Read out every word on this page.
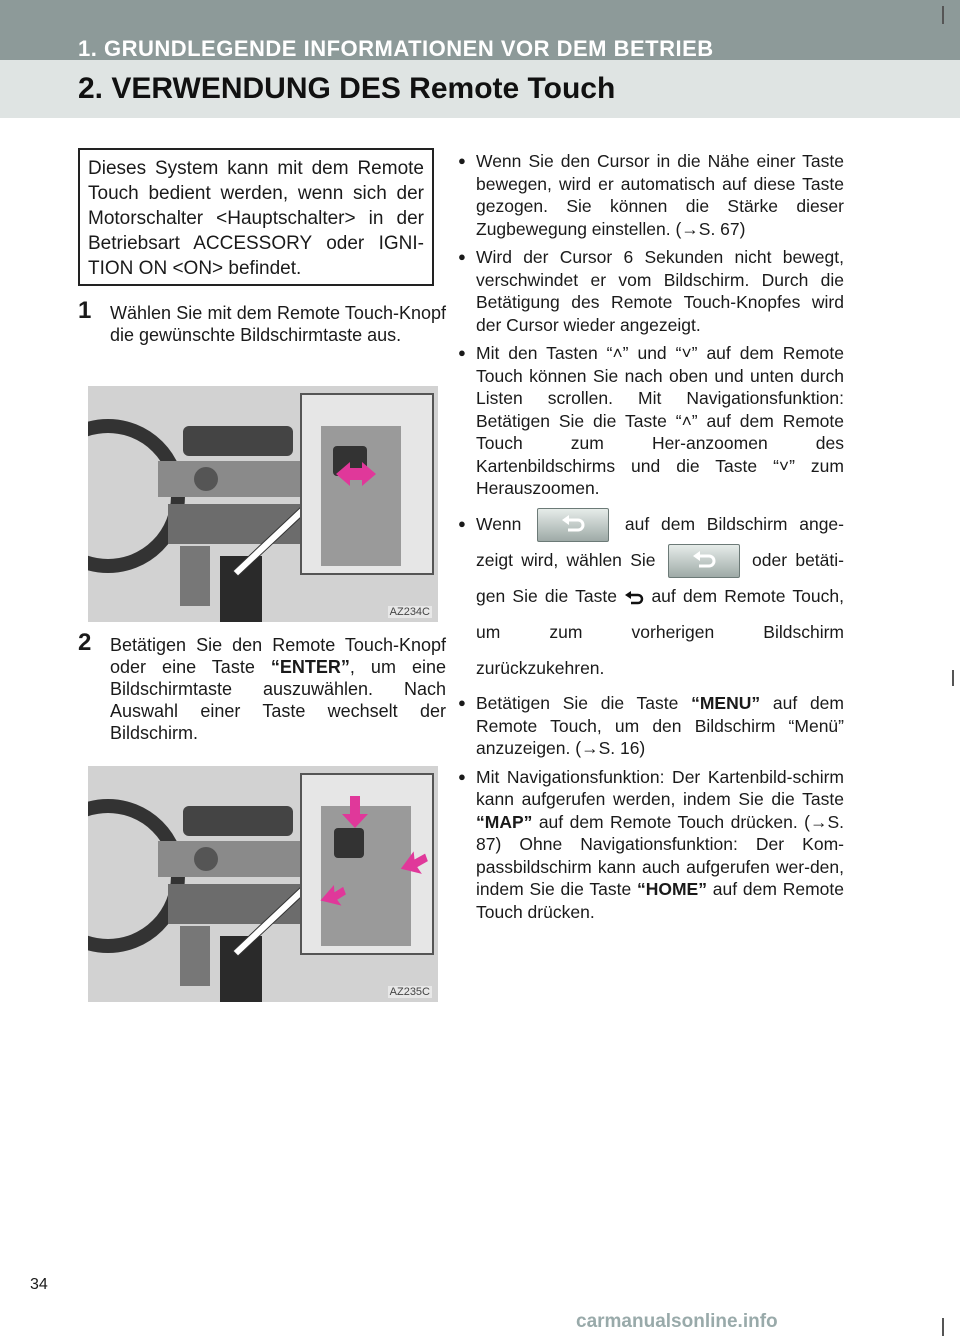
1. GRUNDLEGENDE INFORMATIONEN VOR DEM BETRIEB
2. VERWENDUNG DES Remote Touch
Dieses System kann mit dem Remote Touch bedient werden, wenn sich der Motorschalter <Hauptschalter> in der Betriebsart ACCESSORY oder IGNI-TION ON <ON> befindet.
1 Wählen Sie mit dem Remote Touch-Knopf die gewünschte Bildschirmtaste aus.
AZ234C
2 Betätigen Sie den Remote Touch-Knopf oder eine Taste “ENTER”, um eine Bildschirmtaste auszuwählen. Nach Auswahl einer Taste wechselt der Bildschirm.
AZ235C
● Wenn Sie den Cursor in die Nähe einer Taste bewegen, wird er automatisch auf diese Taste gezogen. Sie können die Stärke dieser Zugbewegung einstellen. (→S. 67)
● Wird der Cursor 6 Sekunden nicht bewegt, verschwindet er vom Bildschirm. Durch die Betätigung des Remote Touch-Knopfes wird der Cursor wieder angezeigt.
● Mit den Tasten “˄” und “˅” auf dem Remote Touch können Sie nach oben und unten durch Listen scrollen. Mit Navigationsfunktion: Betätigen Sie die Taste “˄” auf dem Remote Touch zum Her-anzoomen des Kartenbildschirms und die Taste “˅” zum Herauszoomen.
● Wenn	auf dem Bildschirm ange-zeigt wird, wählen Sie	oder betäti-gen Sie die Taste auf dem Remote Touch, um zum vorherigen Bildschirm zurückzukehren.
● Betätigen Sie die Taste “MENU” auf dem Remote Touch, um den Bildschirm “Menü” anzuzeigen. (→S. 16)
● Mit Navigationsfunktion: Der Kartenbild-schirm kann aufgerufen werden, indem Sie die Taste “MAP” auf dem Remote Touch drücken. (→S. 87) Ohne Navigationsfunktion: Der Kom-passbildschirm kann auch aufgerufen wer-den, indem Sie die Taste “HOME” auf dem Remote Touch drücken.
34
carmanualsonline.info
